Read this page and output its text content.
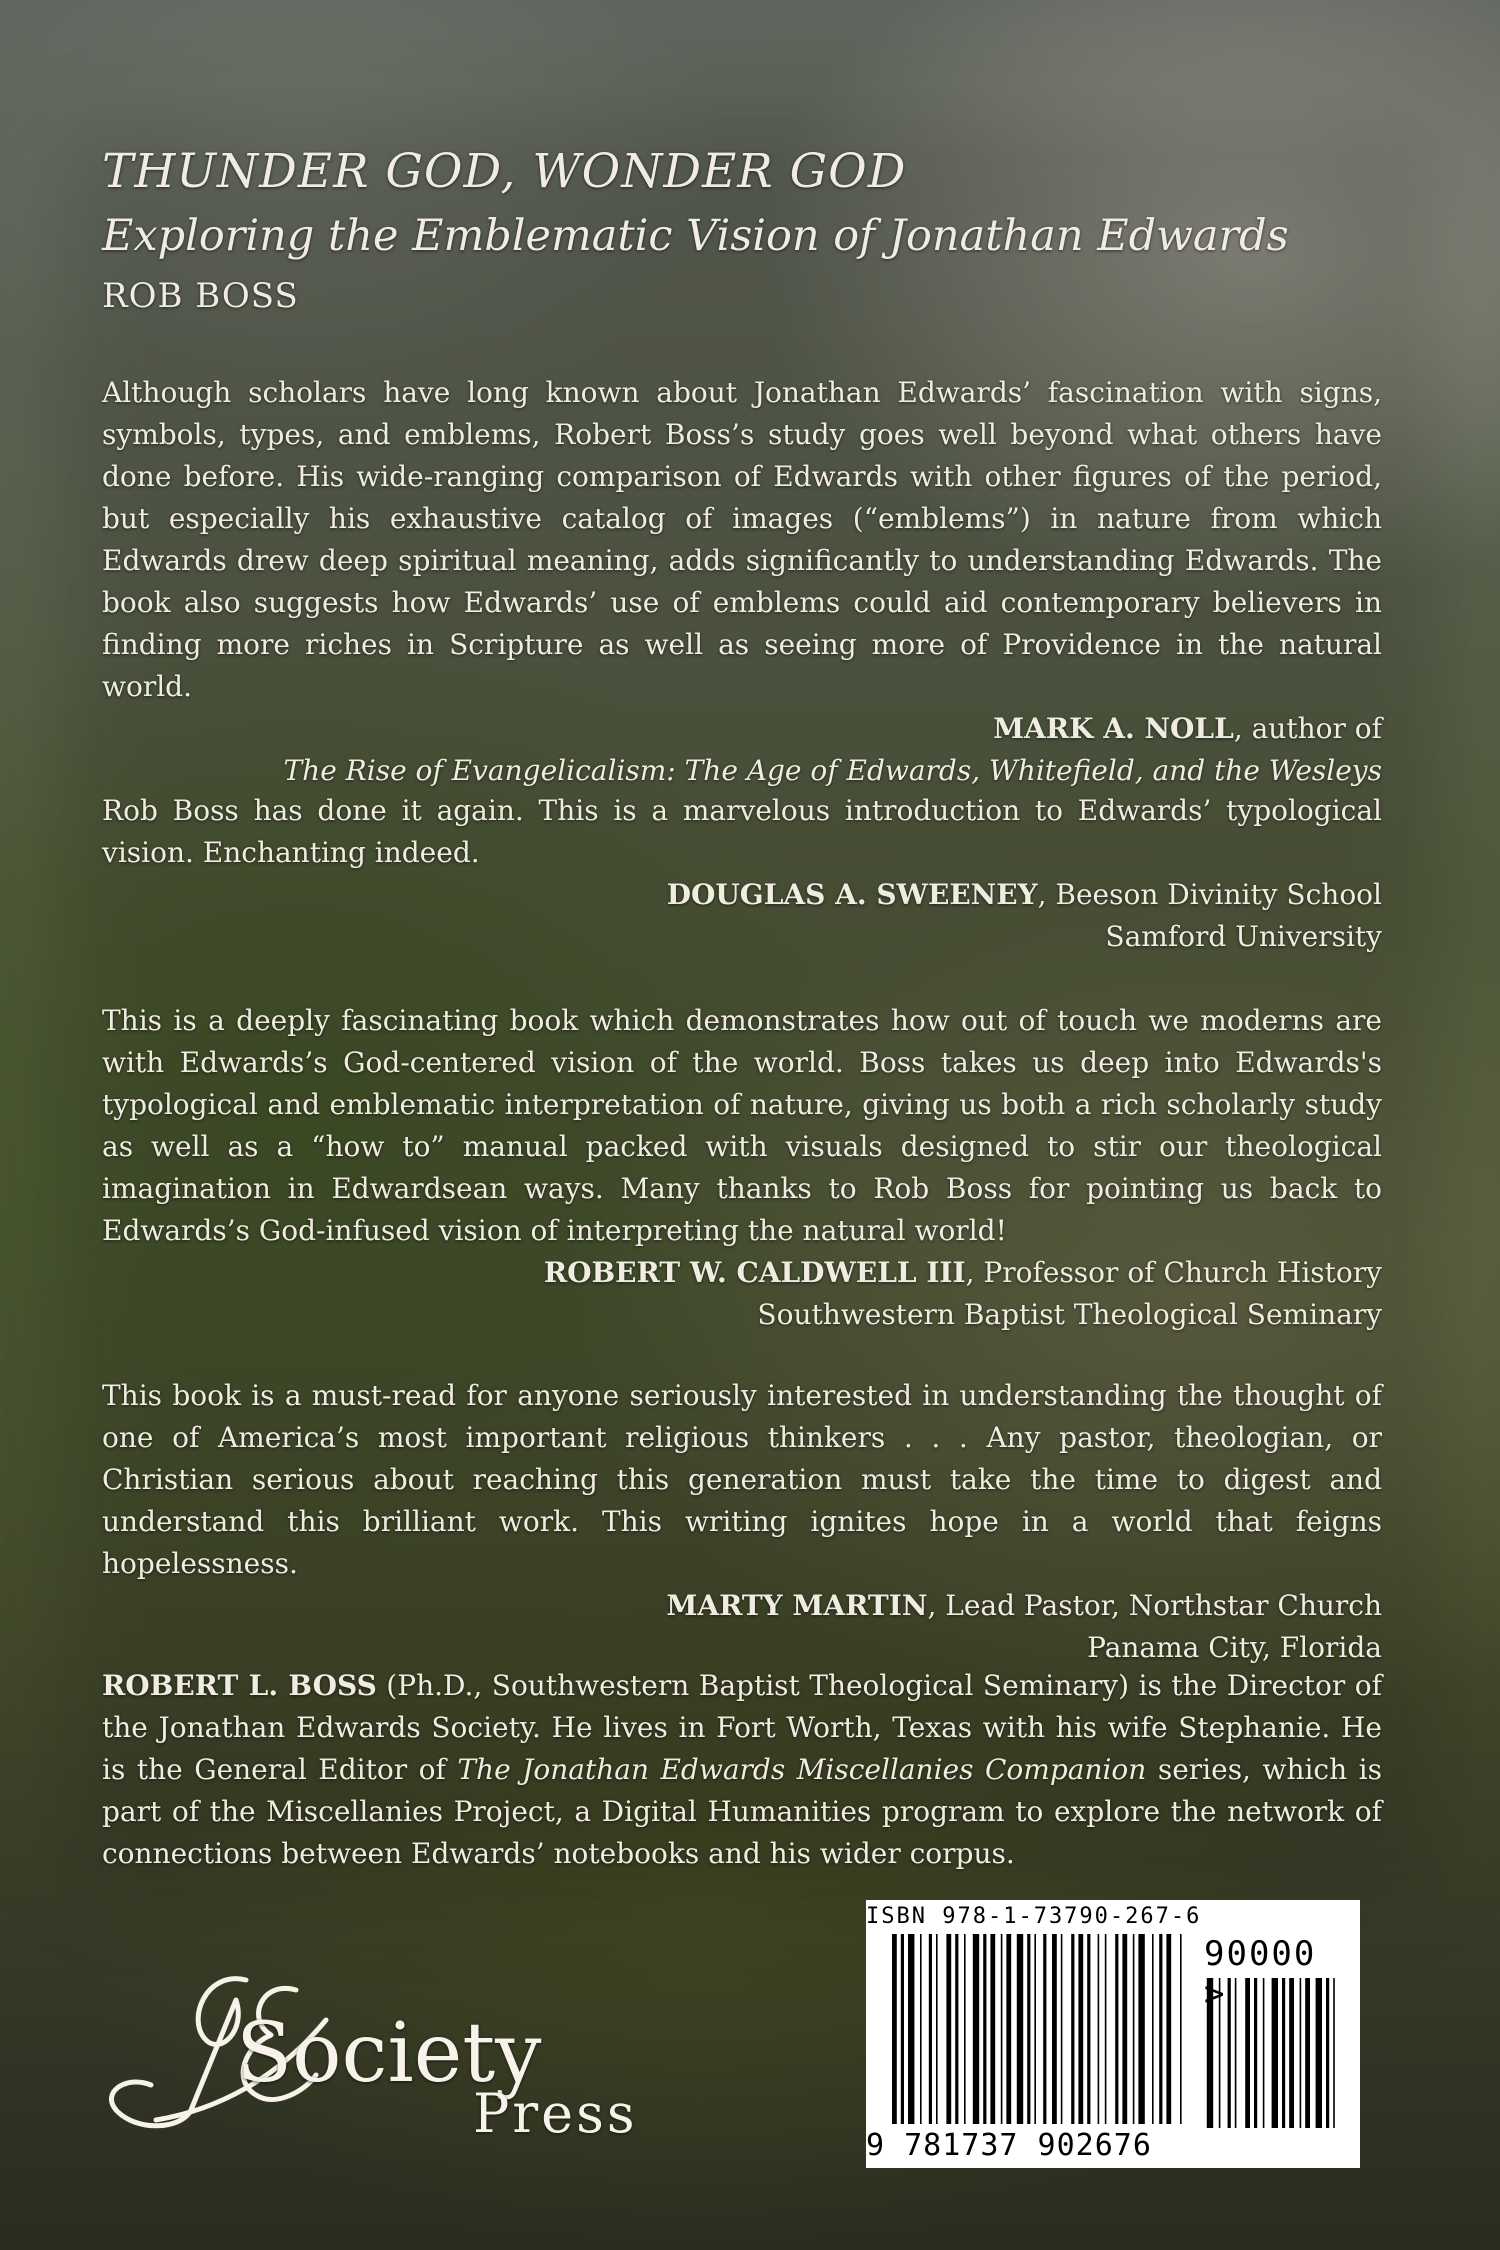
THUNDER GOD, WONDER GOD

Exploring the Emblematic Vision of Jonathan Edwards

ROB BOSS

Although scholars have long known about Jonathan Edwards’ fascination with signs, symbols, types, and emblems, Robert Boss’s study goes well beyond what others have done before. His wide-ranging comparison of Edwards with other figures of the period, but especially his exhaustive catalog of images (“emblems”) in nature from which Edwards drew deep spiritual meaning, adds significantly to understanding Edwards. The book also suggests how Edwards’ use of emblems could aid contemporary believers in finding more riches in Scripture as well as seeing more of Providence in the natural world.

MARK A. NOLL, author of

The Rise of Evangelicalism: The Age of Edwards, Whitefield, and the Wesleys

Rob Boss has done it again. This is a marvelous introduction to Edwards’ typological vision. Enchanting indeed.

DOUGLAS A. SWEENEY, Beeson Divinity School

Samford University

This is a deeply fascinating book which demonstrates how out of touch we moderns are with Edwards’s God-centered vision of the world. Boss takes us deep into Edwards's typological and emblematic interpretation of nature, giving us both a rich scholarly study as well as a “how to” manual packed with visuals designed to stir our theological imagination in Edwardsean ways. Many thanks to Rob Boss for pointing us back to Edwards’s God-infused vision of interpreting the natural world!

ROBERT W. CALDWELL III, Professor of Church History

Southwestern Baptist Theological Seminary

This book is a must-read for anyone seriously interested in understanding the thought of one of America’s most important religious thinkers . . . Any pastor, theologian, or Christian serious about reaching this generation must take the time to digest and understand this brilliant work. This writing ignites hope in a world that feigns hopelessness.

MARTY MARTIN, Lead Pastor, Northstar Church

Panama City, Florida

ROBERT L. BOSS (Ph.D., Southwestern Baptist Theological Seminary) is the Director of the Jonathan Edwards Society. He lives in Fort Worth, Texas with his wife Stephanie. He is the General Editor of The Jonathan Edwards Miscellanies Companion series, which is part of the Miscellanies Project, a Digital Humanities program to explore the network of connections between Edwards’ notebooks and his wider corpus.

Society
Press
ISBN 978-1-73790-267-6
9 781737 902676
90000 >
